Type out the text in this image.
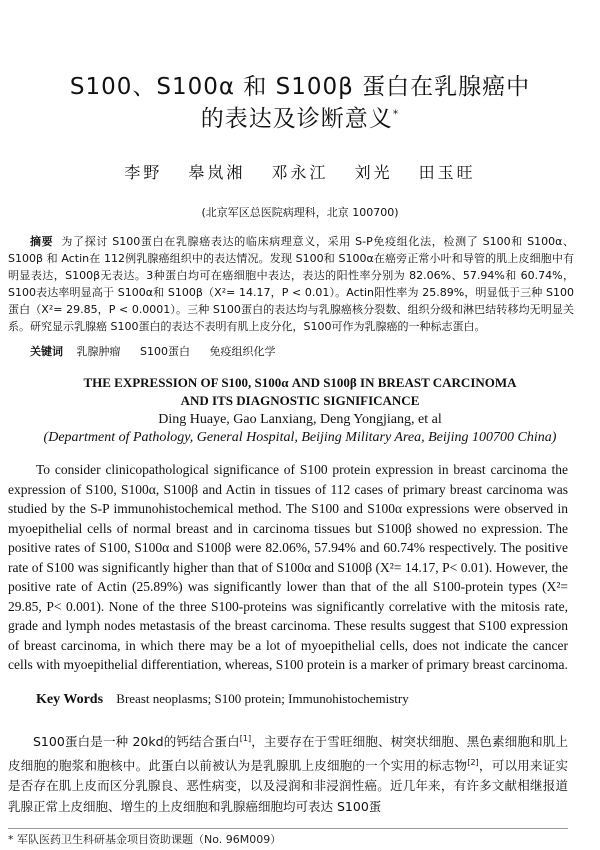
S100、S100α 和 S100β 蛋白在乳腺癌中
的表达及诊断意义*
李野 皋岚湘 邓永江 刘光 田玉旺
(北京军区总医院病理科，北京 100700)
摘要 为了探讨 S100蛋白在乳腺癌表达的临床病理意义，采用 S-P免疫组化法，检测了 S100和 S100α、S100β 和 Actin在 112例乳腺癌组织中的表达情况。发现 S100和 S100α在癌旁正常小叶和导管的肌上皮细胞中有明显表达，S100β无表达。3种蛋白均可在癌细胞中表达，表达的阳性率分别为 82.06%、57.94%和 60.74%，S100表达率明显高于 S100α和 S100β（X²= 14.17，P < 0.01）。Actin阳性率为 25.89%，明显低于三种 S100蛋白（X²= 29.85，P < 0.0001）。三种 S100蛋白的表达均与乳腺癌核分裂数、组织分级和淋巴结转移均无明显关系。研究显示乳腺癌 S100蛋白的表达不表明有肌上皮分化，S100可作为乳腺癌的一种标志蛋白。
关键词 乳腺肿瘤 S100蛋白 免疫组织化学
THE EXPRESSION OF S100, S100α AND S100β IN BREAST CARCINOMA
AND ITS DIAGNOSTIC SIGNIFICANCE
Ding Huaye, Gao Lanxiang, Deng Yongjiang, et al
(Department of Pathology, General Hospital, Beijing Military Area, Beijing 100700 China)
To consider clinicopathological significance of S100 protein expression in breast carcinoma the expression of S100, S100α, S100β and Actin in tissues of 112 cases of primary breast carcinoma was studied by the S-P immunohistochemical method. The S100 and S100α expressions were observed in myoepithelial cells of normal breast and in carcinoma tissues but S100β showed no expression. The positive rates of S100, S100α and S100β were 82.06%, 57.94% and 60.74% respectively. The positive rate of S100 was significantly higher than that of S100α and S100β (X²= 14.17, P< 0.01). However, the positive rate of Actin (25.89%) was significantly lower than that of the all S100-protein types (X²= 29.85, P< 0.001). None of the three S100-proteins was significantly correlative with the mitosis rate, grade and lymph nodes metastasis of the breast carcinoma. These results suggest that S100 expression of breast carcinoma, in which there may be a lot of myoepithelial cells, does not indicate the cancer cells with myoepithelial differentiation, whereas, S100 protein is a marker of primary breast carcinoma.
Key Words Breast neoplasms; S100 protein; Immunohistochemistry
S100蛋白是一种 20kd的钙结合蛋白[1]，主要存在于雪旺细胞、树突状细胞、黑色素细胞和肌上皮细胞的胞浆和胞核中。此蛋白以前被认为是乳腺肌上皮细胞的一个实用的标志物[2]，可以用来证实是否存在肌上皮而区分乳腺良、恶性病变，以及浸润和非浸润性癌。近几年来，有许多文献相继报道乳腺正常上皮细胞、增生的上皮细胞和乳腺癌细胞均可表达 S100蛋
* 军队医药卫生科研基金项目资助课题（No. 96M009）
